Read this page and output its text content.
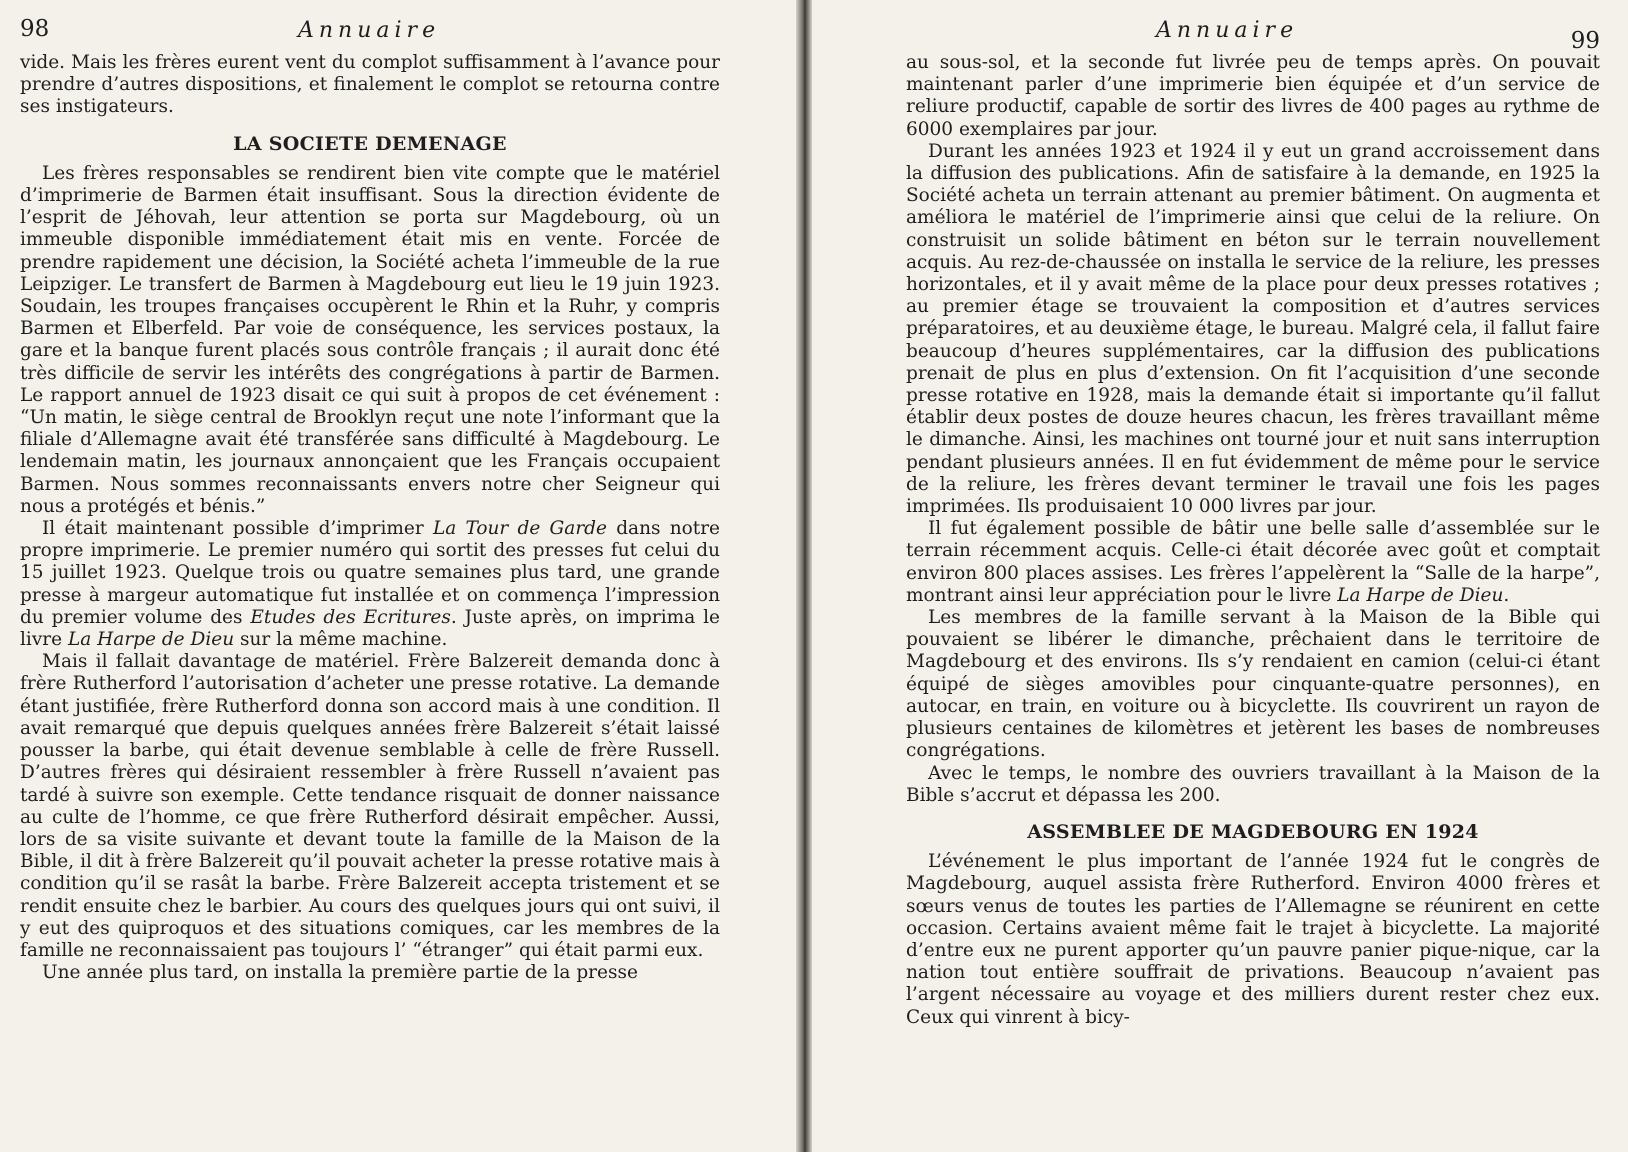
98	Annuaire

vide. Mais les frères eurent vent du complot suffisamment à l’avance pour prendre d’autres dispositions, et finalement le complot se retourna contre ses instigateurs.

LA SOCIETE DEMENAGE

Les frères responsables se rendirent bien vite compte que le matériel d’imprimerie de Barmen était insuffisant. Sous la direction évidente de l’esprit de Jéhovah, leur attention se porta sur Magdebourg, où un immeuble disponible immédiatement était mis en vente. Forcée de prendre rapidement une décision, la Société acheta l’immeuble de la rue Leipziger. Le transfert de Barmen à Magdebourg eut lieu le 19 juin 1923. Soudain, les troupes françaises occupèrent le Rhin et la Ruhr, y compris Barmen et Elberfeld. Par voie de conséquence, les services postaux, la gare et la banque furent placés sous contrôle français ; il aurait donc été très difficile de servir les intérêts des congrégations à partir de Barmen. Le rapport annuel de 1923 disait ce qui suit à propos de cet événement : “Un matin, le siège central de Brooklyn reçut une note l’informant que la filiale d’Allemagne avait été transférée sans difficulté à Magdebourg. Le lendemain matin, les journaux annonçaient que les Français occupaient Barmen. Nous sommes reconnaissants envers notre cher Seigneur qui nous a protégés et bénis.”

Il était maintenant possible d’imprimer La Tour de Garde dans notre propre imprimerie. Le premier numéro qui sortit des presses fut celui du 15 juillet 1923. Quelque trois ou quatre semaines plus tard, une grande presse à margeur automatique fut installée et on commença l’impression du premier volume des Etudes des Ecritures. Juste après, on imprima le livre La Harpe de Dieu sur la même machine.

Mais il fallait davantage de matériel. Frère Balzereit demanda donc à frère Rutherford l’autorisation d’acheter une presse rotative. La demande étant justifiée, frère Rutherford donna son accord mais à une condition. Il avait remarqué que depuis quelques années frère Balzereit s’était laissé pousser la barbe, qui était devenue semblable à celle de frère Russell. D’autres frères qui désiraient ressembler à frère Russell n’avaient pas tardé à suivre son exemple. Cette tendance risquait de donner naissance au culte de l’homme, ce que frère Rutherford désirait empêcher. Aussi, lors de sa visite suivante et devant toute la famille de la Maison de la Bible, il dit à frère Balzereit qu’il pouvait acheter la presse rotative mais à condition qu’il se rasât la barbe. Frère Balzereit accepta tristement et se rendit ensuite chez le barbier. Au cours des quelques jours qui ont suivi, il y eut des quiproquos et des situations comiques, car les membres de la famille ne reconnaissaient pas toujours l’ “étranger” qui était parmi eux.

Une année plus tard, on installa la première partie de la presse

Annuaire	99

au sous-sol, et la seconde fut livrée peu de temps après. On pouvait maintenant parler d’une imprimerie bien équipée et d’un service de reliure productif, capable de sortir des livres de 400 pages au rythme de 6000 exemplaires par jour.

Durant les années 1923 et 1924 il y eut un grand accroissement dans la diffusion des publications. Afin de satisfaire à la demande, en 1925 la Société acheta un terrain attenant au premier bâtiment. On augmenta et améliora le matériel de l’imprimerie ainsi que celui de la reliure. On construisit un solide bâtiment en béton sur le terrain nouvellement acquis. Au rez-de-chaussée on installa le service de la reliure, les presses horizontales, et il y avait même de la place pour deux presses rotatives ; au premier étage se trouvaient la composition et d’autres services préparatoires, et au deuxième étage, le bureau. Malgré cela, il fallut faire beaucoup d’heures supplémentaires, car la diffusion des publications prenait de plus en plus d’extension. On fit l’acquisition d’une seconde presse rotative en 1928, mais la demande était si importante qu’il fallut établir deux postes de douze heures chacun, les frères travaillant même le dimanche. Ainsi, les machines ont tourné jour et nuit sans interruption pendant plusieurs années. Il en fut évidemment de même pour le service de la reliure, les frères devant terminer le travail une fois les pages imprimées. Ils produisaient 10 000 livres par jour.

Il fut également possible de bâtir une belle salle d’assemblée sur le terrain récemment acquis. Celle-ci était décorée avec goût et comptait environ 800 places assises. Les frères l’appelèrent la “Salle de la harpe”, montrant ainsi leur appréciation pour le livre La Harpe de Dieu.

Les membres de la famille servant à la Maison de la Bible qui pouvaient se libérer le dimanche, prêchaient dans le territoire de Magdebourg et des environs. Ils s’y rendaient en camion (celui-ci étant équipé de sièges amovibles pour cinquante-quatre personnes), en autocar, en train, en voiture ou à bicyclette. Ils couvrirent un rayon de plusieurs centaines de kilomètres et jetèrent les bases de nombreuses congrégations.

Avec le temps, le nombre des ouvriers travaillant à la Maison de la Bible s’accrut et dépassa les 200.

ASSEMBLEE DE MAGDEBOURG EN 1924

L’événement le plus important de l’année 1924 fut le congrès de Magdebourg, auquel assista frère Rutherford. Environ 4000 frères et sœurs venus de toutes les parties de l’Allemagne se réunirent en cette occasion. Certains avaient même fait le trajet à bicyclette. La majorité d’entre eux ne purent apporter qu’un pauvre panier pique-nique, car la nation tout entière souffrait de privations. Beaucoup n’avaient pas l’argent nécessaire au voyage et des milliers durent rester chez eux. Ceux qui vinrent à bicy-
